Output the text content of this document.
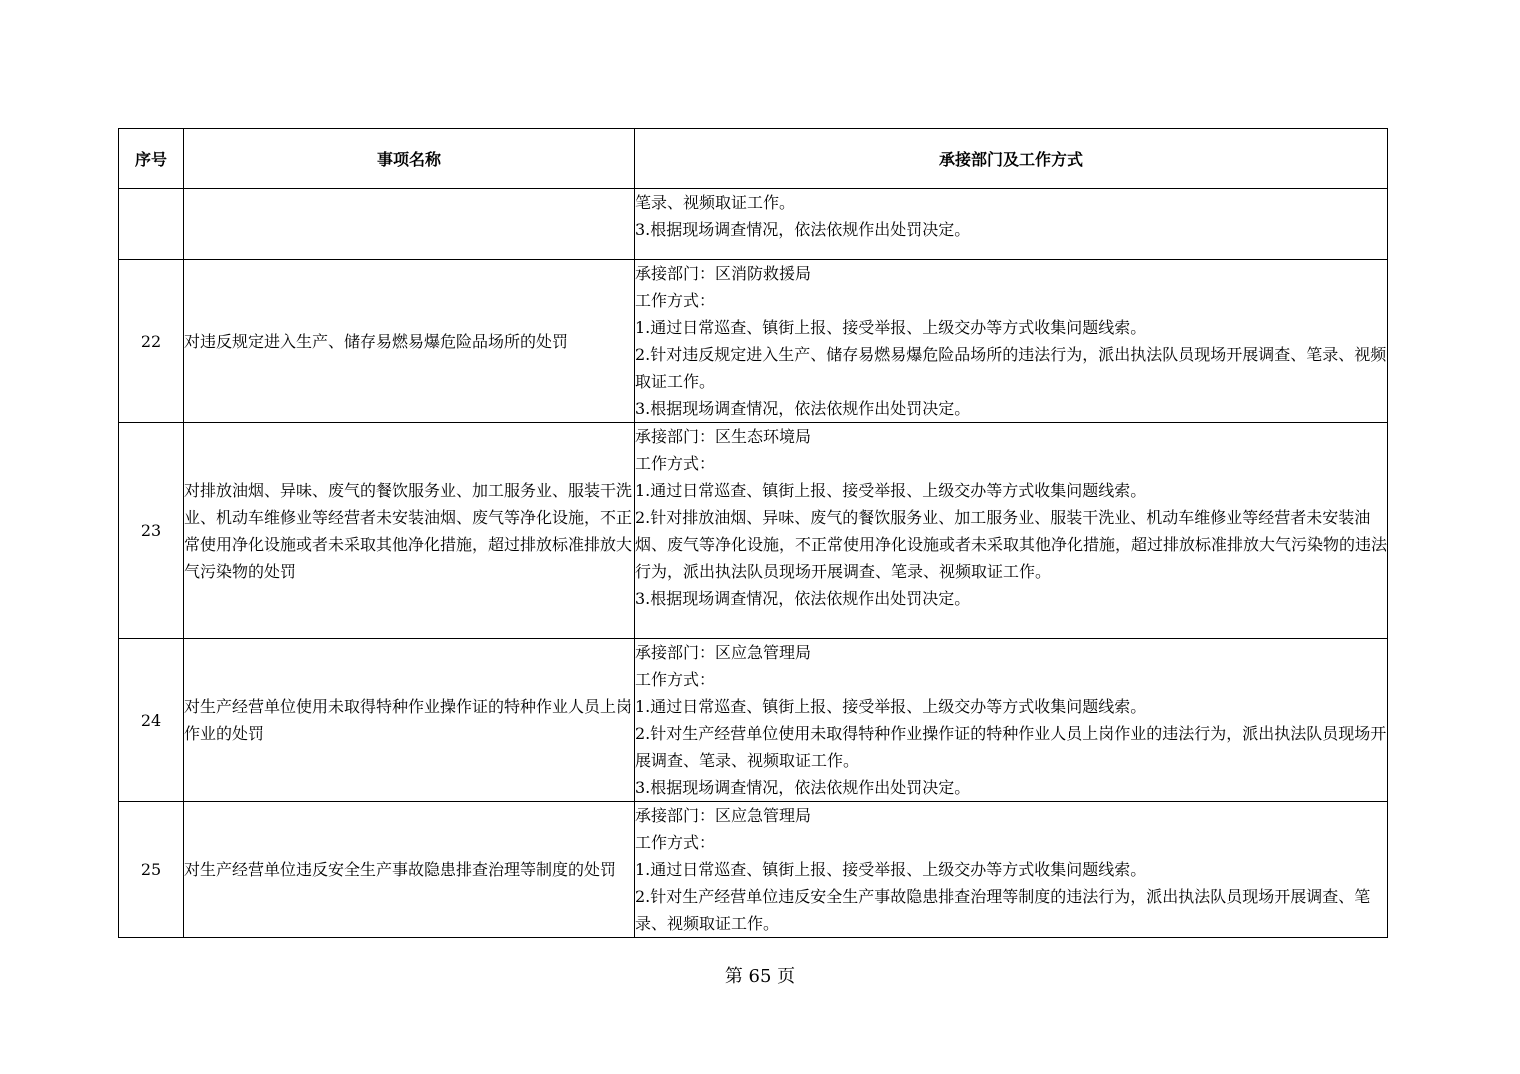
序号	事项名称	承接部门及工作方式

		笔录、视频取证工作。
3.根据现场调查情况，依法依规作出处罚决定。

22	对违反规定进入生产、储存易燃易爆危险品场所的处罚	承接部门：区消防救援局
工作方式：
1.通过日常巡查、镇街上报、接受举报、上级交办等方式收集问题线索。
2.针对违反规定进入生产、储存易燃易爆危险品场所的违法行为，派出执法队员现场开展调查、笔录、视频取证工作。
3.根据现场调查情况，依法依规作出处罚决定。

23	对排放油烟、异味、废气的餐饮服务业、加工服务业、服装干洗业、机动车维修业等经营者未安装油烟、废气等净化设施，不正常使用净化设施或者未采取其他净化措施，超过排放标准排放大气污染物的处罚	承接部门：区生态环境局
工作方式：
1.通过日常巡查、镇街上报、接受举报、上级交办等方式收集问题线索。
2.针对排放油烟、异味、废气的餐饮服务业、加工服务业、服装干洗业、机动车维修业等经营者未安装油烟、废气等净化设施，不正常使用净化设施或者未采取其他净化措施，超过排放标准排放大气污染物的违法行为，派出执法队员现场开展调查、笔录、视频取证工作。
3.根据现场调查情况，依法依规作出处罚决定。

24	对生产经营单位使用未取得特种作业操作证的特种作业人员上岗作业的处罚	承接部门：区应急管理局
工作方式：
1.通过日常巡查、镇街上报、接受举报、上级交办等方式收集问题线索。
2.针对生产经营单位使用未取得特种作业操作证的特种作业人员上岗作业的违法行为，派出执法队员现场开展调查、笔录、视频取证工作。
3.根据现场调查情况，依法依规作出处罚决定。

25	对生产经营单位违反安全生产事故隐患排查治理等制度的处罚	承接部门：区应急管理局
工作方式：
1.通过日常巡查、镇街上报、接受举报、上级交办等方式收集问题线索。
2.针对生产经营单位违反安全生产事故隐患排查治理等制度的违法行为，派出执法队员现场开展调查、笔录、视频取证工作。
第 65 页
